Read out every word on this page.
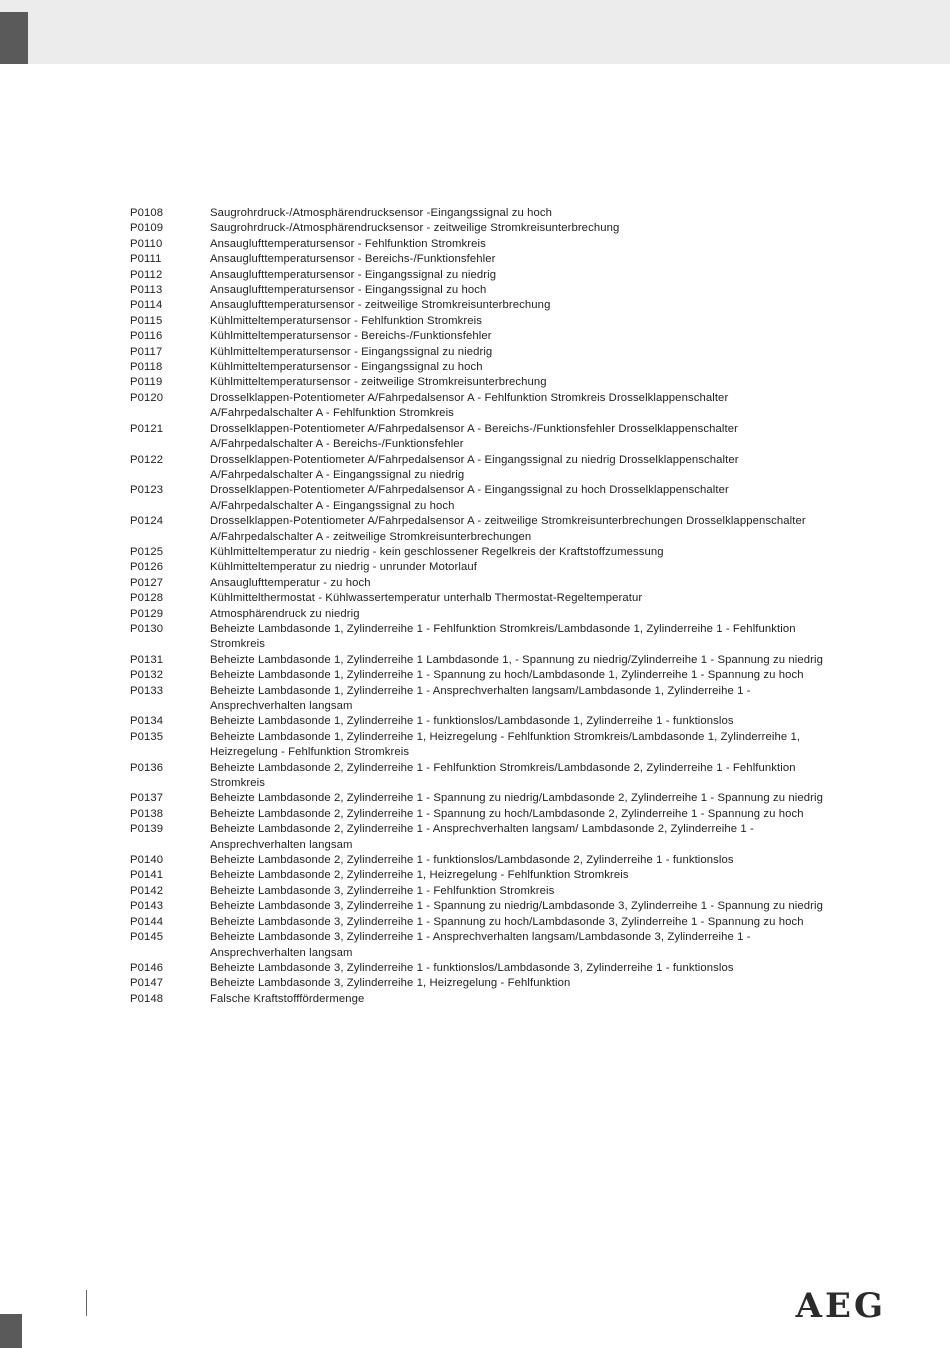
P0108	Saugrohrdruck-/Atmosphärendrucksensor -Eingangssignal zu hoch
P0109	Saugrohrdruck-/Atmosphärendrucksensor - zeitweilige Stromkreisunterbrechung
P0110	Ansauglufttemperatursensor - Fehlfunktion Stromkreis
P0111	Ansauglufttemperatursensor - Bereichs-/Funktionsfehler
P0112	Ansauglufttemperatursensor - Eingangssignal zu niedrig
P0113	Ansauglufttemperatursensor - Eingangssignal zu hoch
P0114	Ansauglufttemperatursensor - zeitweilige Stromkreisunterbrechung
P0115	Kühlmitteltemperatursensor - Fehlfunktion Stromkreis
P0116	Kühlmitteltemperatursensor - Bereichs-/Funktionsfehler
P0117	Kühlmitteltemperatursensor - Eingangssignal zu niedrig
P0118	Kühlmitteltemperatursensor - Eingangssignal zu hoch
P0119	Kühlmitteltemperatursensor - zeitweilige Stromkreisunterbrechung
P0120	Drosselklappen-Potentiometer A/Fahrpedalsensor A - Fehlfunktion Stromkreis Drosselklappenschalter A/Fahrpedalschalter A - Fehlfunktion Stromkreis
P0121	Drosselklappen-Potentiometer A/Fahrpedalsensor A - Bereichs-/Funktionsfehler Drosselklappenschalter A/Fahrpedalschalter A - Bereichs-/Funktionsfehler
P0122	Drosselklappen-Potentiometer A/Fahrpedalsensor A - Eingangssignal zu niedrig Drosselklappenschalter A/Fahrpedalschalter A - Eingangssignal zu niedrig
P0123	Drosselklappen-Potentiometer A/Fahrpedalsensor A - Eingangssignal zu hoch Drosselklappenschalter A/Fahrpedalschalter A - Eingangssignal zu hoch
P0124	Drosselklappen-Potentiometer A/Fahrpedalsensor A - zeitweilige Stromkreisunterbrechungen Drosselklappenschalter A/Fahrpedalschalter A - zeitweilige Stromkreisunterbrechungen
P0125	Kühlmitteltemperatur zu niedrig - kein geschlossener Regelkreis der Kraftstoffzumessung
P0126	Kühlmitteltemperatur zu niedrig - unrunder Motorlauf
P0127	Ansauglufttemperatur - zu hoch
P0128	Kühlmittelthermostat - Kühlwassertemperatur unterhalb Thermostat-Regeltemperatur
P0129	Atmosphärendruck zu niedrig
P0130	Beheizte Lambdasonde 1, Zylinderreihe 1 - Fehlfunktion Stromkreis/Lambdasonde 1, Zylinderreihe 1 - Fehlfunktion Stromkreis
P0131	Beheizte Lambdasonde 1, Zylinderreihe 1 Lambdasonde 1, - Spannung zu niedrig/Zylinderreihe 1 - Spannung zu niedrig
P0132	Beheizte Lambdasonde 1, Zylinderreihe 1 - Spannung zu hoch/Lambdasonde 1, Zylinderreihe 1 - Spannung zu hoch
P0133	Beheizte Lambdasonde 1, Zylinderreihe 1 - Ansprechverhalten langsam/Lambdasonde 1, Zylinderreihe 1 - Ansprechverhalten langsam
P0134	Beheizte Lambdasonde 1, Zylinderreihe 1 - funktionslos/Lambdasonde 1, Zylinderreihe 1 - funktionslos
P0135	Beheizte Lambdasonde 1, Zylinderreihe 1, Heizregelung - Fehlfunktion Stromkreis/Lambdasonde 1, Zylinderreihe 1, Heizregelung - Fehlfunktion Stromkreis
P0136	Beheizte Lambdasonde 2, Zylinderreihe 1 - Fehlfunktion Stromkreis/Lambdasonde 2, Zylinderreihe 1 - Fehlfunktion Stromkreis
P0137	Beheizte Lambdasonde 2, Zylinderreihe 1 - Spannung zu niedrig/Lambdasonde 2, Zylinderreihe 1 - Spannung zu niedrig
P0138	Beheizte Lambdasonde 2, Zylinderreihe 1 - Spannung zu hoch/Lambdasonde 2, Zylinderreihe 1 - Spannung zu hoch
P0139	Beheizte Lambdasonde 2, Zylinderreihe 1 - Ansprechverhalten langsam/ Lambdasonde 2, Zylinderreihe 1 - Ansprechverhalten langsam
P0140	Beheizte Lambdasonde 2, Zylinderreihe 1 - funktionslos/Lambdasonde 2, Zylinderreihe 1 - funktionslos
P0141	Beheizte Lambdasonde 2, Zylinderreihe 1, Heizregelung - Fehlfunktion Stromkreis
P0142	Beheizte Lambdasonde 3, Zylinderreihe 1 - Fehlfunktion Stromkreis
P0143	Beheizte Lambdasonde 3, Zylinderreihe 1 - Spannung zu niedrig/Lambdasonde 3, Zylinderreihe 1 - Spannung zu niedrig
P0144	Beheizte Lambdasonde 3, Zylinderreihe 1 - Spannung zu hoch/Lambdasonde 3, Zylinderreihe 1 - Spannung zu hoch
P0145	Beheizte Lambdasonde 3, Zylinderreihe 1 - Ansprechverhalten langsam/Lambdasonde 3, Zylinderreihe 1 - Ansprechverhalten langsam
P0146	Beheizte Lambdasonde 3, Zylinderreihe 1 - funktionslos/Lambdasonde 3, Zylinderreihe 1 - funktionslos
P0147	Beheizte Lambdasonde 3, Zylinderreihe 1, Heizregelung - Fehlfunktion
P0148	Falsche Kraftstofffördermenge
AEG
